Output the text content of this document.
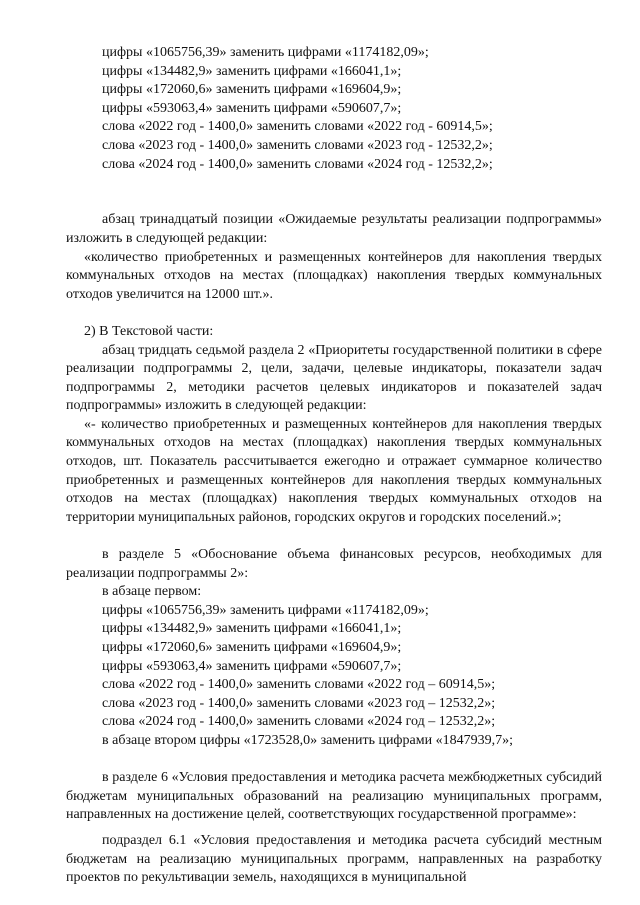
цифры «1065756,39» заменить цифрами «1174182,09»;
цифры «134482,9» заменить цифрами «166041,1»;
цифры «172060,6» заменить цифрами «169604,9»;
цифры «593063,4» заменить цифрами «590607,7»;
слова «2022 год - 1400,0» заменить словами «2022 год - 60914,5»;
слова «2023 год - 1400,0» заменить словами «2023 год - 12532,2»;
слова «2024 год - 1400,0» заменить словами «2024 год - 12532,2»;
абзац тринадцатый позиции «Ожидаемые результаты реализации подпрограммы» изложить в следующей редакции:
«количество приобретенных и размещенных контейнеров для накопления твердых коммунальных отходов на местах (площадках) накопления твердых коммунальных отходов увеличится на 12000 шт.».
2) В Текстовой части:
абзац тридцать седьмой раздела 2 «Приоритеты государственной политики в сфере реализации подпрограммы 2, цели, задачи, целевые индикаторы, показатели задач подпрограммы 2, методики расчетов целевых индикаторов и показателей задач подпрограммы» изложить в следующей редакции:
«- количество приобретенных и размещенных контейнеров для накопления твердых коммунальных отходов на местах (площадках) накопления твердых коммунальных отходов, шт. Показатель рассчитывается ежегодно и отражает суммарное количество приобретенных и размещенных контейнеров для накопления твердых коммунальных отходов на местах (площадках) накопления твердых коммунальных отходов на территории муниципальных районов, городских округов и городских поселений.»;
в разделе 5 «Обоснование объема финансовых ресурсов, необходимых для реализации подпрограммы 2»:
в абзаце первом:
цифры «1065756,39» заменить цифрами «1174182,09»;
цифры «134482,9» заменить цифрами «166041,1»;
цифры «172060,6» заменить цифрами «169604,9»;
цифры «593063,4» заменить цифрами «590607,7»;
слова «2022 год - 1400,0» заменить словами «2022 год – 60914,5»;
слова «2023 год - 1400,0» заменить словами «2023 год – 12532,2»;
слова «2024 год - 1400,0» заменить словами «2024 год – 12532,2»;
в абзаце втором цифры «1723528,0» заменить цифрами «1847939,7»;
в разделе 6 «Условия предоставления и методика расчета межбюджетных субсидий бюджетам муниципальных образований на реализацию муниципальных программ, направленных на достижение целей, соответствующих государственной программе»:
подраздел 6.1 «Условия предоставления и методика расчета субсидий местным бюджетам на реализацию муниципальных программ, направленных на разработку проектов по рекультивации земель, находящихся в муниципальной
